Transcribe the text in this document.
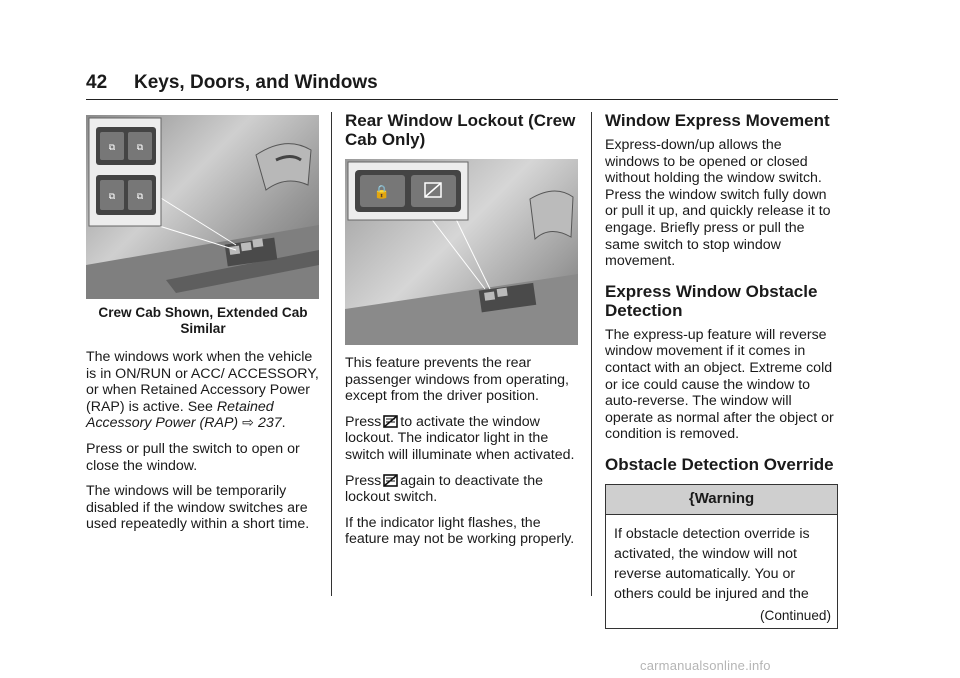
42 Keys, Doors, and Windows
⧉ ⧉
⧉ ⧉
Crew Cab Shown, Extended Cab
Similar

The windows work when the vehicle is in ON/RUN or ACC/ ACCESSORY, or when Retained Accessory Power (RAP) is active. See Retained Accessory Power (RAP) ⇨ 237.

Press or pull the switch to open or close the window.

The windows will be temporarily disabled if the window switches are used repeatedly within a short time.

Rear Window Lockout (Crew Cab Only)
🔒

This feature prevents the rear passenger windows from operating, except from the driver position.

Press to activate the window lockout. The indicator light in the switch will illuminate when activated.

Press again to deactivate the lockout switch.

If the indicator light flashes, the feature may not be working properly.

Window Express Movement

Express-down/up allows the windows to be opened or closed without holding the window switch. Press the window switch fully down or pull it up, and quickly release it to engage. Briefly press or pull the same switch to stop window movement.

Express Window Obstacle Detection

The express-up feature will reverse window movement if it comes in contact with an object. Extreme cold or ice could cause the window to auto-reverse. The window will operate as normal after the object or condition is removed.

Obstacle Detection Override
{Warning
If obstacle detection override is activated, the window will not reverse automatically. You or others could be injured and the
(Continued)
carmanualsonline.info
